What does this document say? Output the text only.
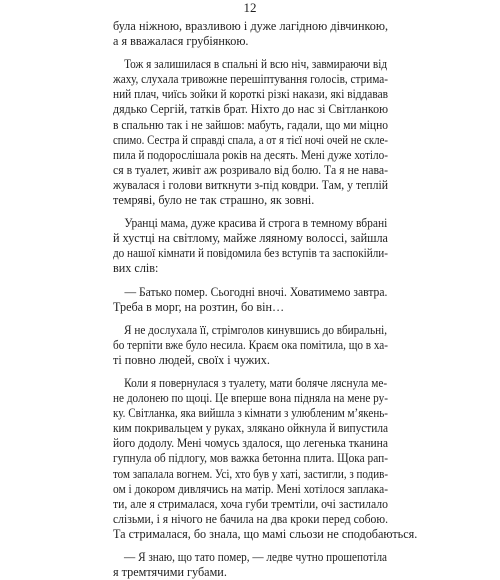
12
була ніжною, вразливою і дуже лагідною дівчинкою,
а я вважалася грубіянкою.
Тож я залишилася в спальні й всю ніч, завмираючи від
жаху, слухала тривожне перешіптування голосів, стрима-
ний плач, чиїсь зойки й короткі різкі накази, які віддавав
дядько Сергій, татків брат. Ніхто до нас зі Світланкою
в спальню так і не зайшов: мабуть, гадали, що ми міцно
спимо. Сестра й справді спала, а от я тієї ночі очей не скле-
пила й подорослішала років на десять. Мені дуже хотіло-
ся в туалет, живіт аж розривало від болю. Та я не нава-
жувалася і голови виткнути з-під ковдри. Там, у теплій
темряві, було не так страшно, як зовні.
Уранці мама, дуже красива й строга в темному вбрані
й хустці на світлому, майже ляяному волоссі, зайшла
до нашої кімнати й повідомила без вступів та заспокійли-
вих слів:
— Батько помер. Сьогодні вночі. Ховатимемо завтра.
Треба в морг, на розтин, бо він…
Я не дослухала її, стрімголов кинувшись до вбиральні,
бо терпіти вже було несила. Краєм ока помітила, що в ха-
ті повно людей, своїх і чужих.
Коли я повернулася з туалету, мати боляче ляснула ме-
не долонею по щоці. Це вперше вона підняла на мене ру-
ку. Світланка, яка вийшла з кімнати з улюбленим м’якень-
ким покривальцем у руках, злякано ойкнула й випустила
його додолу. Мені чомусь здалося, що легенька тканина
гупнула об підлогу, мов важка бетонна плита. Щока рап-
том запалала вогнем. Усі, хто був у хаті, застигли, з подив-
ом і докором дивлячись на матір. Мені хотілося заплака-
ти, але я стрималася, хоча губи тремтіли, очі застилало
слізьми, і я нічого не бачила на два кроки перед собою.
Та стрималася, бо знала, що мамі сльози не сподобаються.
— Я знаю, що тато помер, — ледве чутно прошепотіла
я тремтячими губами.
